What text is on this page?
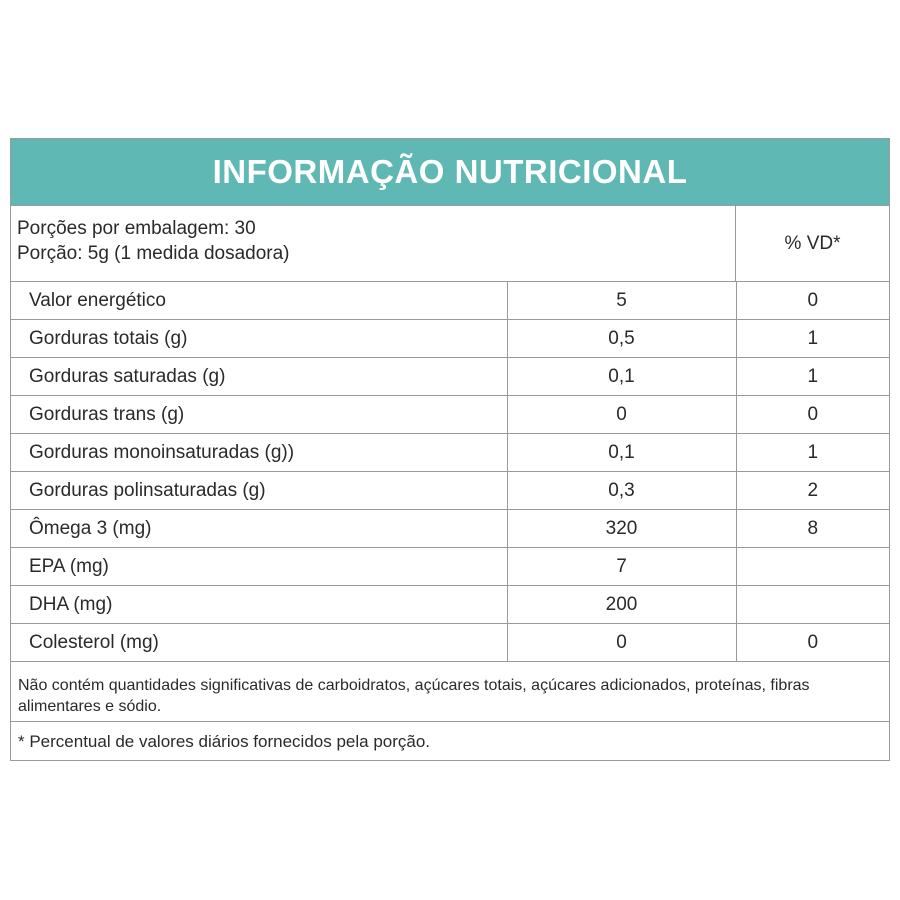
INFORMAÇÃO NUTRICIONAL
Porções por embalagem: 30
Porção: 5g (1 medida dosadora)	% VD*
Valor energético	5	0
Gorduras totais (g)	0,5	1
Gorduras saturadas (g)	0,1	1
Gorduras trans (g)	0	0
Gorduras monoinsaturadas (g))	0,1	1
Gorduras polinsaturadas (g)	0,3	2
Ômega 3 (mg)	320	8
EPA (mg)	7	
DHA (mg)	200	
Colesterol (mg)	0	0
Não contém quantidades significativas de carboidratos, açúcares totais, açúcares adicionados, proteínas, fibras alimentares e sódio.
* Percentual de valores diários fornecidos pela porção.
